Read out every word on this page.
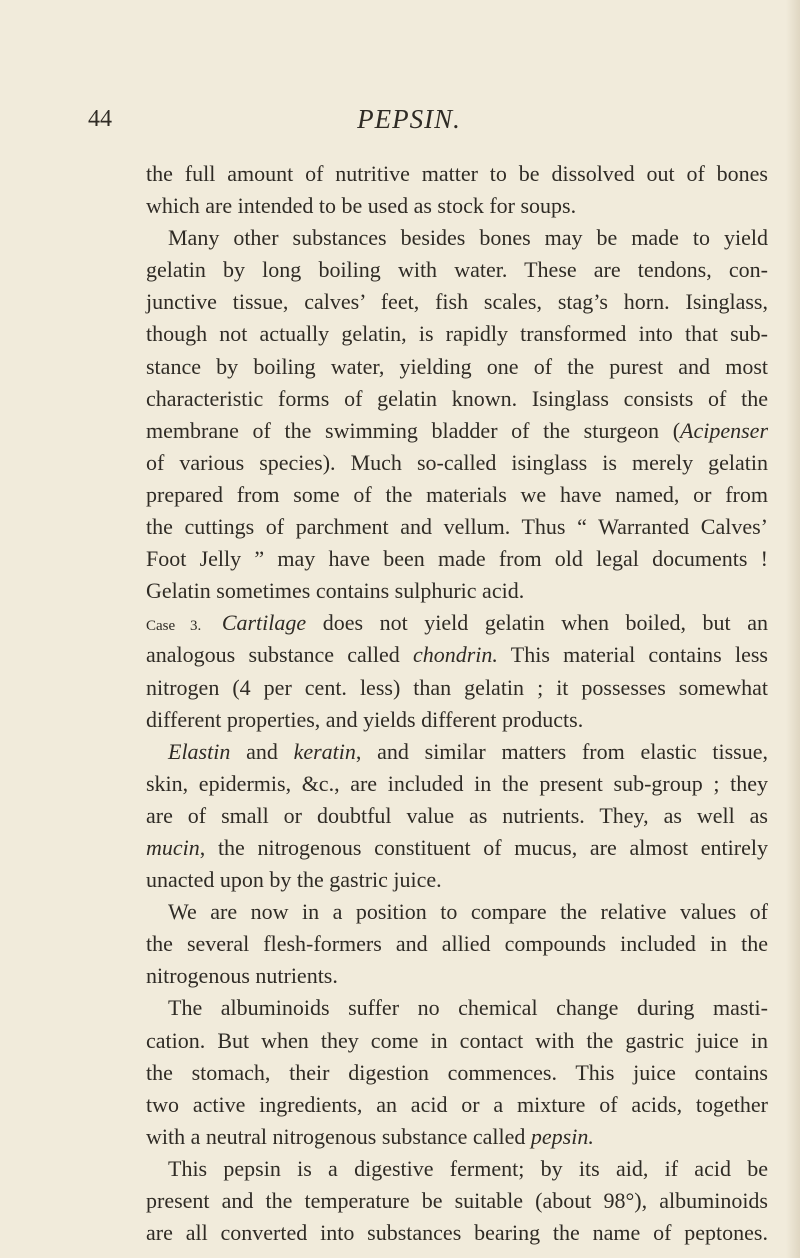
44	PEPSIN.
the full amount of nutritive matter to be dissolved out of bones
which are intended to be used as stock for soups.
Many other substances besides bones may be made to yield
gelatin by long boiling with water. These are tendons, con-
junctive tissue, calves’ feet, fish scales, stag’s horn. Isinglass,
though not actually gelatin, is rapidly transformed into that sub-
stance by boiling water, yielding one of the purest and most
characteristic forms of gelatin known. Isinglass consists of the
membrane of the swimming bladder of the sturgeon (Acipenser
of various species). Much so-called isinglass is merely gelatin
prepared from some of the materials we have named, or from
the cuttings of parchment and vellum. Thus “ Warranted Calves’
Foot Jelly ” may have been made from old legal documents !
Gelatin sometimes contains sulphuric acid.
Case 3. Cartilage does not yield gelatin when boiled, but an
analogous substance called chondrin. This material contains less
nitrogen (4 per cent. less) than gelatin ; it possesses somewhat
different properties, and yields different products.
Elastin and keratin, and similar matters from elastic tissue,
skin, epidermis, &c., are included in the present sub-group ; they
are of small or doubtful value as nutrients. They, as well as
mucin, the nitrogenous constituent of mucus, are almost entirely
unacted upon by the gastric juice.
We are now in a position to compare the relative values of
the several flesh-formers and allied compounds included in the
nitrogenous nutrients.
The albuminoids suffer no chemical change during masti-
cation. But when they come in contact with the gastric juice in
the stomach, their digestion commences. This juice contains
two active ingredients, an acid or a mixture of acids, together
with a neutral nitrogenous substance called pepsin.
This pepsin is a digestive ferment; by its aid, if acid be
present and the temperature be suitable (about 98°), albuminoids
are all converted into substances bearing the name of peptones.
